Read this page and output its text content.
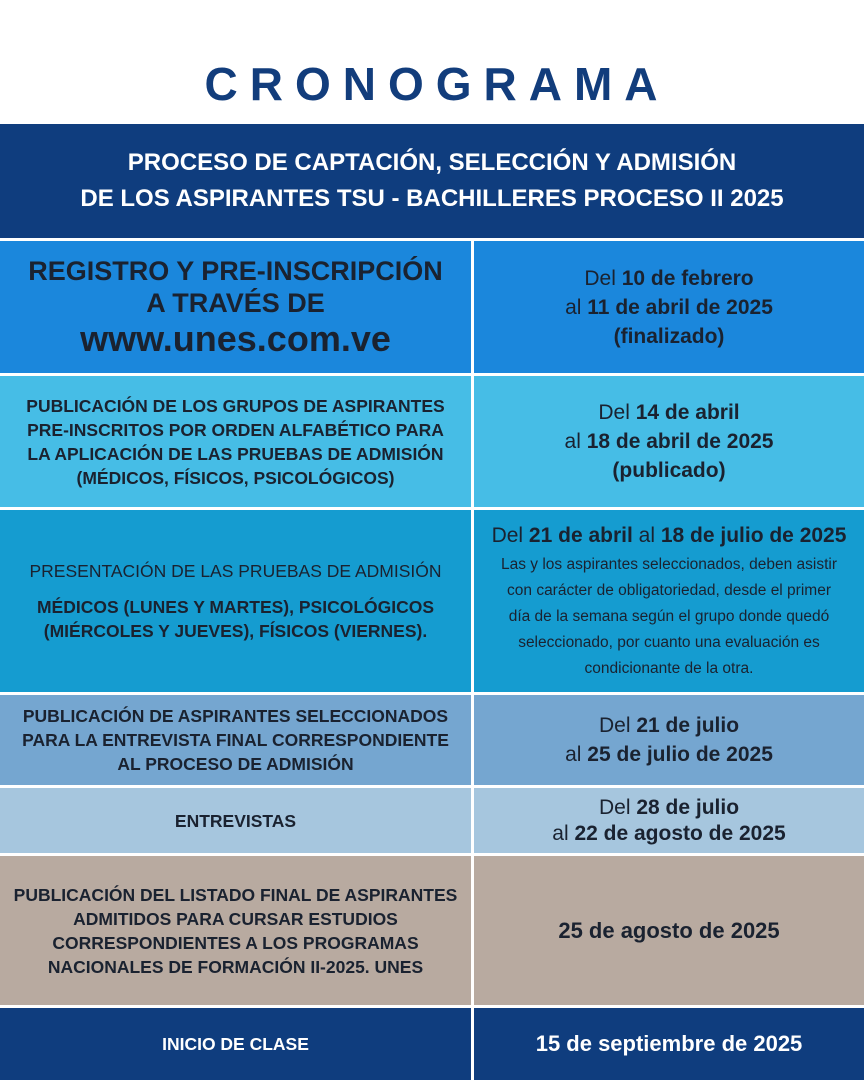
CRONOGRAMA
PROCESO DE CAPTACIÓN, SELECCIÓN Y ADMISIÓN
DE LOS ASPIRANTES TSU - BACHILLERES PROCESO II 2025
REGISTRO Y PRE-INSCRIPCIÓN
A TRAVÉS DE
www.unes.com.ve
Del 10 de febrero
al 11 de abril de 2025
(finalizado)
PUBLICACIÓN DE LOS GRUPOS DE ASPIRANTES
PRE-INSCRITOS POR ORDEN ALFABÉTICO PARA
LA APLICACIÓN DE LAS PRUEBAS DE ADMISIÓN
(MÉDICOS, FÍSICOS, PSICOLÓGICOS)
Del 14 de abril
al 18 de abril de 2025
(publicado)
PRESENTACIÓN DE LAS PRUEBAS DE ADMISIÓN
MÉDICOS (LUNES Y MARTES), PSICOLÓGICOS
(MIÉRCOLES Y JUEVES), FÍSICOS (VIERNES).
Del 21 de abril al 18 de julio de 2025
Las y los aspirantes seleccionados, deben asistir
con carácter de obligatoriedad, desde el primer
día de la semana según el grupo donde quedó
seleccionado, por cuanto una evaluación es
condicionante de la otra.
PUBLICACIÓN DE ASPIRANTES SELECCIONADOS
PARA LA ENTREVISTA FINAL CORRESPONDIENTE
AL PROCESO DE ADMISIÓN
Del 21 de julio
al 25 de julio de 2025
ENTREVISTAS
Del 28 de julio
al 22 de agosto de 2025
PUBLICACIÓN DEL LISTADO FINAL DE ASPIRANTES
ADMITIDOS PARA CURSAR ESTUDIOS
CORRESPONDIENTES A LOS PROGRAMAS
NACIONALES DE FORMACIÓN II-2025. UNES
25 de agosto de 2025
INICIO DE CLASE	15 de septiembre de 2025
